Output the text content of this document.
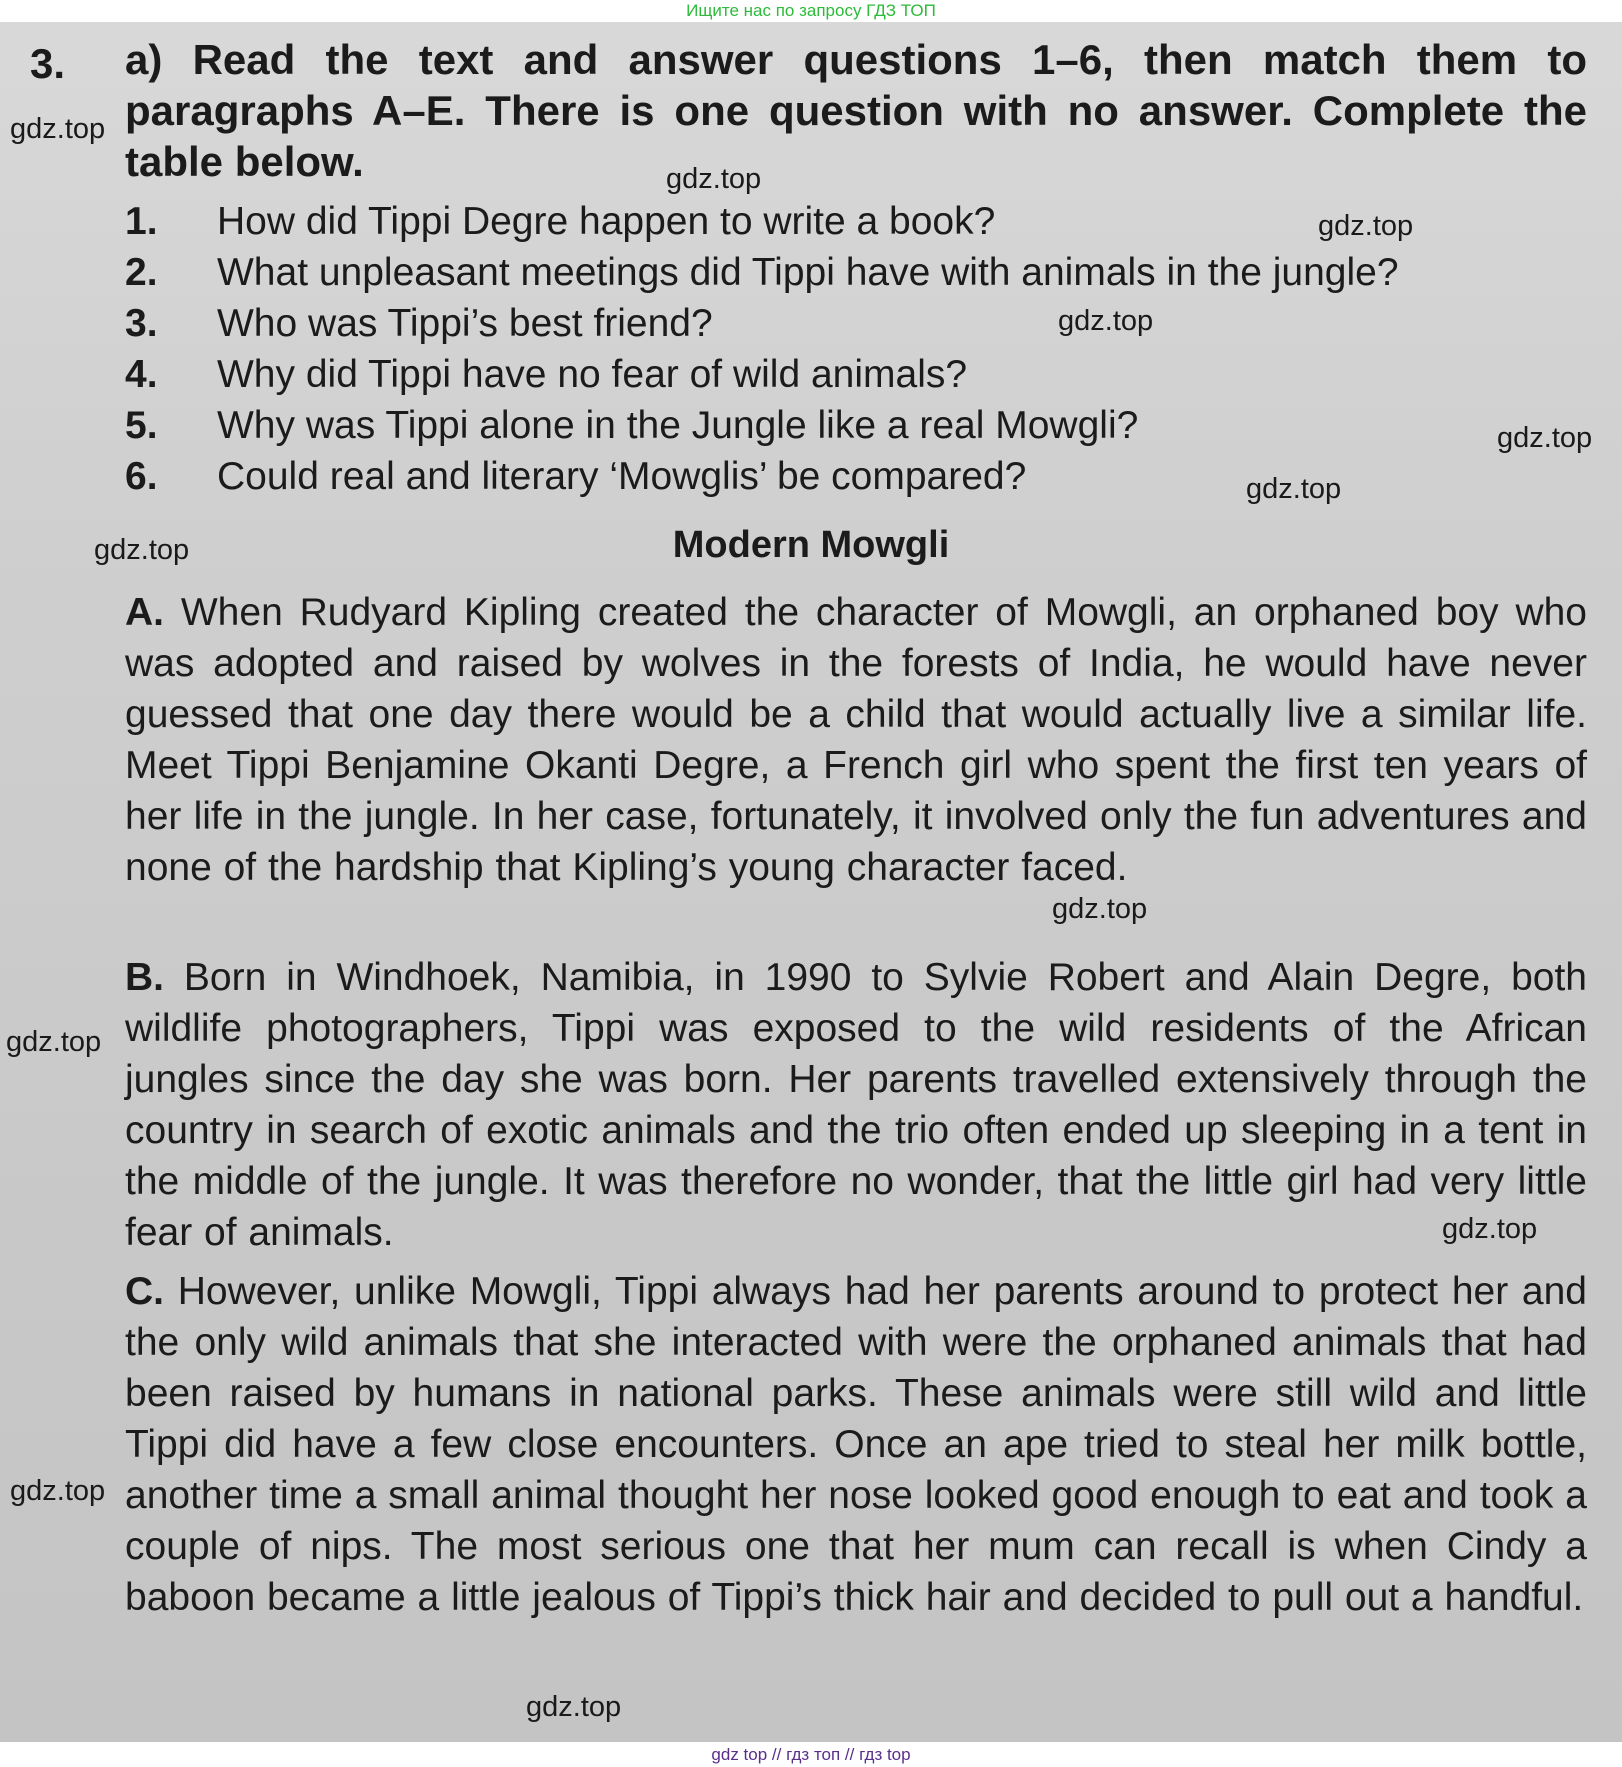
Ищите нас по запросу ГДЗ ТОП
3. a) Read the text and answer questions 1–6, then match them to paragraphs A–E. There is one question with no answer. Complete the table below.
1. How did Tippi Degre happen to write a book?
2. What unpleasant meetings did Tippi have with animals in the jungle?
3. Who was Tippi’s best friend?
4. Why did Tippi have no fear of wild animals?
5. Why was Tippi alone in the Jungle like a real Mowgli?
6. Could real and literary ‘Mowglis’ be compared?
Modern Mowgli

A. When Rudyard Kipling created the character of Mowgli, an orphaned boy who was adopted and raised by wolves in the forests of India, he would have never guessed that one day there would be a child that would actually live a similar life. Meet Tippi Benjamine Okanti Degre, a French girl who spent the first ten years of her life in the jungle. In her case, fortunately, it involved only the fun adventures and none of the hardship that Kipling’s young character faced.

B. Born in Windhoek, Namibia, in 1990 to Sylvie Robert and Alain Degre, both wildlife photographers, Tippi was exposed to the wild residents of the African jungles since the day she was born. Her parents travelled extensively through the country in search of exotic animals and the trio often ended up sleeping in a tent in the middle of the jungle. It was therefore no wonder, that the little girl had very little fear of animals.

C. However, unlike Mowgli, Tippi always had her parents around to protect her and the only wild animals that she interacted with were the orphaned animals that had been raised by humans in national parks. These animals were still wild and little Tippi did have a few close encounters. Once an ape tried to steal her milk bottle, another time a small animal thought her nose looked good enough to eat and took a couple of nips. The most serious one that her mum can recall is when Cindy a baboon became a little jealous of Tippi’s thick hair and decided to pull out a handful.

gdz.top
gdz.top
gdz.top
gdz.top
gdz.top
gdz.top
gdz.top
gdz.top
gdz.top
gdz.top
gdz.top
gdz.top
gdz top // гдз топ // гдз top
